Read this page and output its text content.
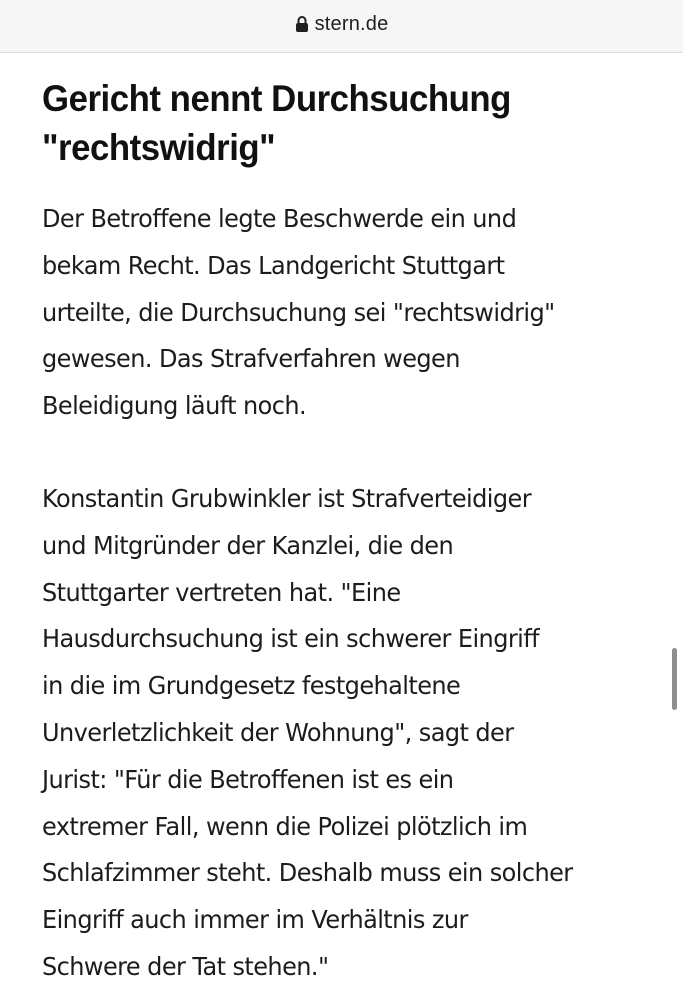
stern.de
Gericht nennt Durchsuchung
"rechtswidrig"

Der Betroffene legte Beschwerde ein und
bekam Recht. Das Landgericht Stuttgart
urteilte, die Durchsuchung sei "rechtswidrig"
gewesen. Das Strafverfahren wegen
Beleidigung läuft noch.

Konstantin Grubwinkler ist Strafverteidiger
und Mitgründer der Kanzlei, die den
Stuttgarter vertreten hat. "Eine
Hausdurchsuchung ist ein schwerer Eingriff
in die im Grundgesetz festgehaltene
Unverletzlichkeit der Wohnung", sagt der
Jurist: "Für die Betroffenen ist es ein
extremer Fall, wenn die Polizei plötzlich im
Schlafzimmer steht. Deshalb muss ein solcher
Eingriff auch immer im Verhältnis zur
Schwere der Tat stehen."
